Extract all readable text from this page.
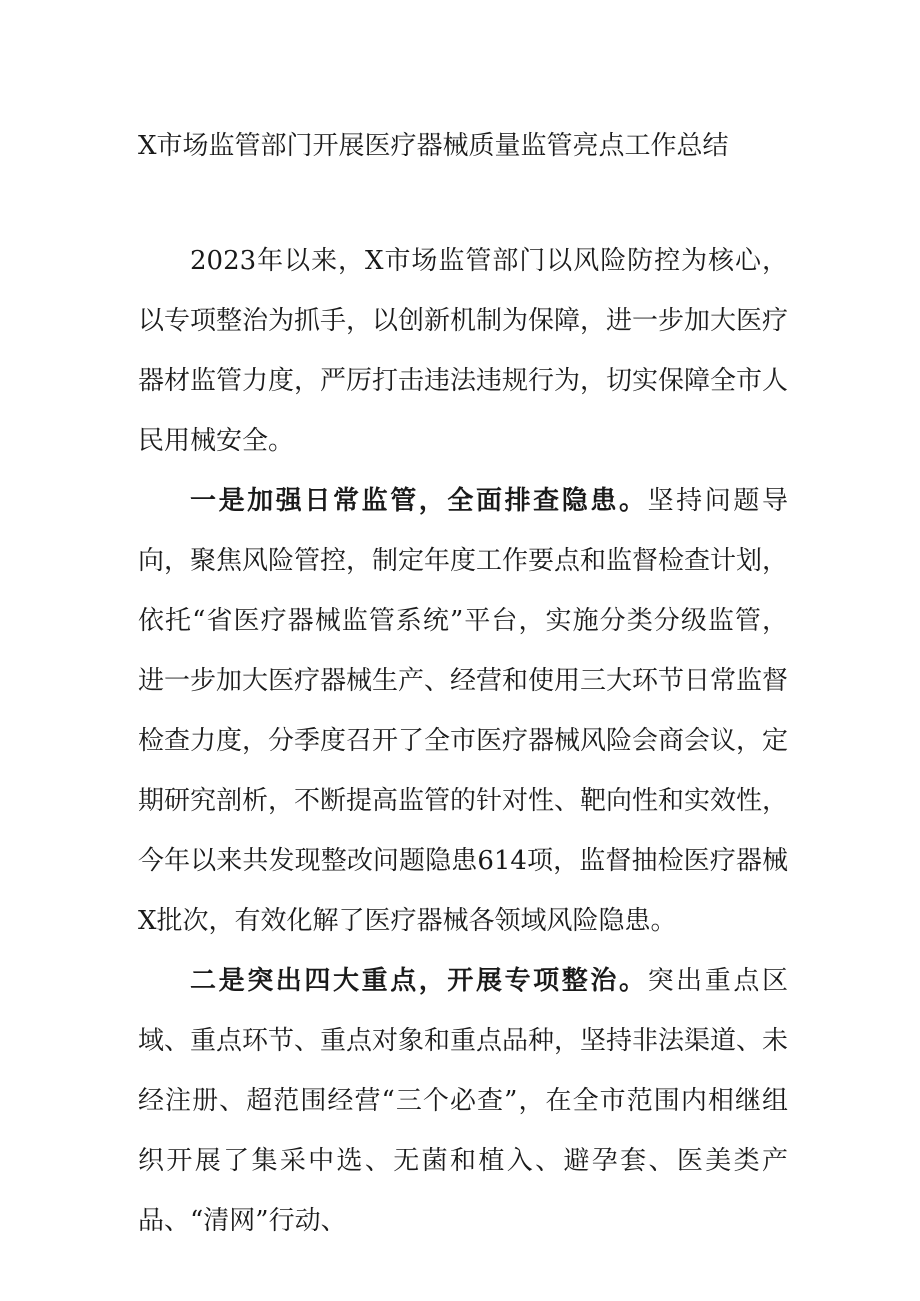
X市场监管部门开展医疗器械质量监管亮点工作总结

2023年以来，X市场监管部门以风险防控为核心，以专项整治为抓手，以创新机制为保障，进一步加大医疗器材监管力度，严厉打击违法违规行为，切实保障全市人民用械安全。

一是加强日常监管，全面排查隐患。坚持问题导向，聚焦风险管控，制定年度工作要点和监督检查计划，依托“省医疗器械监管系统”平台，实施分类分级监管，进一步加大医疗器械生产、经营和使用三大环节日常监督检查力度，分季度召开了全市医疗器械风险会商会议，定期研究剖析，不断提高监管的针对性、靶向性和实效性，今年以来共发现整改问题隐患614项，监督抽检医疗器械X批次，有效化解了医疗器械各领域风险隐患。

二是突出四大重点，开展专项整治。突出重点区域、重点环节、重点对象和重点品种，坚持非法渠道、未经注册、超范围经营“三个必查”，在全市范围内相继组织开展了集采中选、无菌和植入、避孕套、医美类产品、“清网”行动、
